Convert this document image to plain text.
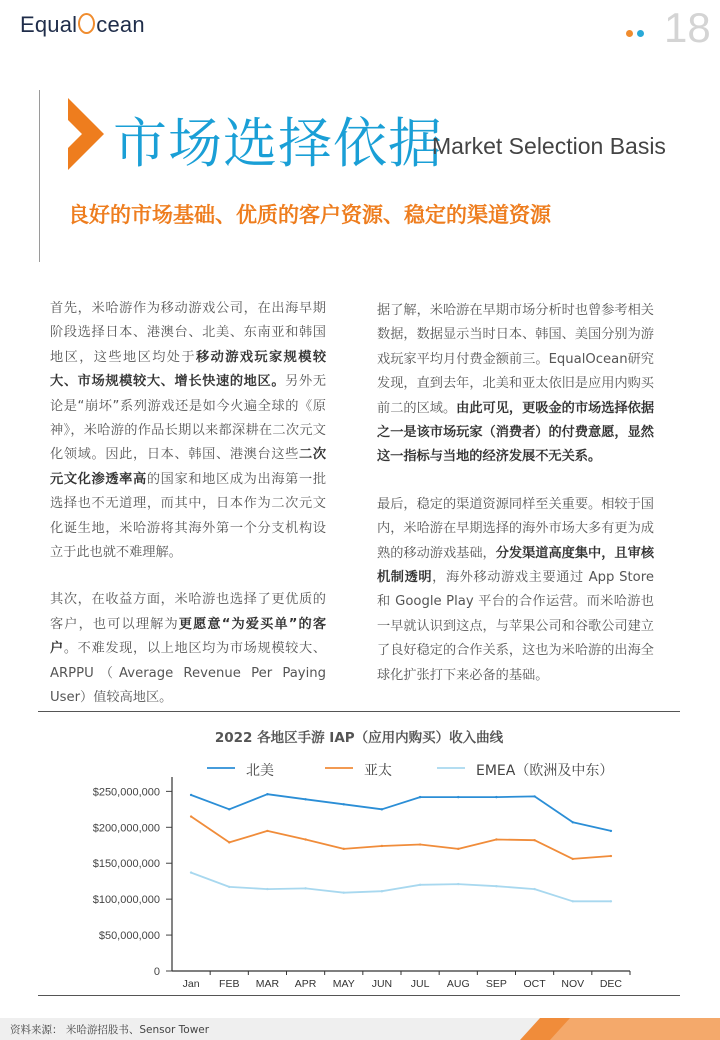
Equal cean	18
市场选择依据
Market Selection Basis
良好的市场基础、优质的客户资源、稳定的渠道资源

首先，米哈游作为移动游戏公司，在出海早期阶段选择日本、港澳台、北美、东南亚和韩国地区，这些地区均处于移动游戏玩家规模较大、市场规模较大、增长快速的地区。另外无论是“崩坏”系列游戏还是如今火遍全球的《原神》，米哈游的作品长期以来都深耕在二次元文化领域。因此，日本、韩国、港澳台这些二次元文化渗透率高的国家和地区成为出海第一批选择也不无道理，而其中，日本作为二次元文化诞生地，米哈游将其海外第一个分支机构设立于此也就不难理解。

其次，在收益方面，米哈游也选择了更优质的客户，也可以理解为更愿意“为爱买单”的客户。不难发现，以上地区均为市场规模较大、ARPPU（Average Revenue Per Paying User）值较高地区。

据了解，米哈游在早期市场分析时也曾参考相关数据，数据显示当时日本、韩国、美国分别为游戏玩家平均月付费金额前三。EqualOcean研究发现，直到去年，北美和亚太依旧是应用内购买前二的区域。由此可见，更吸金的市场选择依据之一是该市场玩家（消费者）的付费意愿，显然这一指标与当地的经济发展不无关系。

最后，稳定的渠道资源同样至关重要。相较于国内，米哈游在早期选择的海外市场大多有更为成熟的移动游戏基础，分发渠道高度集中，且审核机制透明，海外移动游戏主要通过 App Store 和 Google Play 平台的合作运营。而米哈游也一早就认识到这点，与苹果公司和谷歌公司建立了良好稳定的合作关系，这也为米哈游的出海全球化扩张打下来必备的基础。

2022 各地区手游 IAP（应用内购买）收入曲线
0
$50,000,000
$100,000,000
$150,000,000
$200,000,000
$250,000,000
Jan FEB MAR APR MAY JUN JUL AUG SEP OCT NOV DEC
北美	亚太	EMEA（欧洲及中东）
资料来源： 米哈游招股书、Sensor Tower
